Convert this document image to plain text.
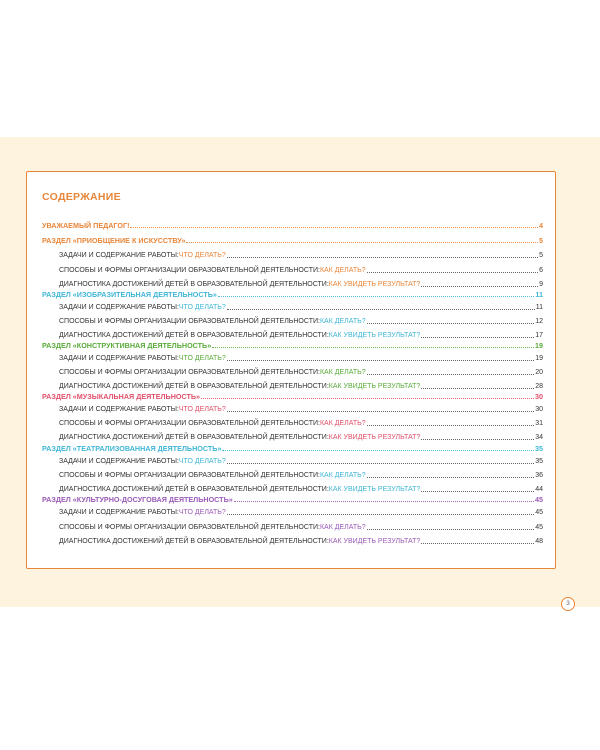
СОДЕРЖАНИЕ
УВАЖАЕМЫЙ ПЕДАГОГ!	4
РАЗДЕЛ «ПРИОБЩЕНИЕ К ИСКУССТВУ»	5
ЗАДАЧИ И СОДЕРЖАНИЕ РАБОТЫ: ЧТО ДЕЛАТЬ?	5
СПОСОБЫ И ФОРМЫ ОРГАНИЗАЦИИ ОБРАЗОВАТЕЛЬНОЙ ДЕЯТЕЛЬНОСТИ: КАК ДЕЛАТЬ?	6
ДИАГНОСТИКА ДОСТИЖЕНИЙ ДЕТЕЙ В ОБРАЗОВАТЕЛЬНОЙ ДЕЯТЕЛЬНОСТИ: КАК УВИДЕТЬ РЕЗУЛЬТАТ?	9
РАЗДЕЛ «ИЗОБРАЗИТЕЛЬНАЯ ДЕЯТЕЛЬНОСТЬ»	11
ЗАДАЧИ И СОДЕРЖАНИЕ РАБОТЫ: ЧТО ДЕЛАТЬ?	11
СПОСОБЫ И ФОРМЫ ОРГАНИЗАЦИИ ОБРАЗОВАТЕЛЬНОЙ ДЕЯТЕЛЬНОСТИ: КАК ДЕЛАТЬ?	12
ДИАГНОСТИКА ДОСТИЖЕНИЙ ДЕТЕЙ В ОБРАЗОВАТЕЛЬНОЙ ДЕЯТЕЛЬНОСТИ: КАК УВИДЕТЬ РЕЗУЛЬТАТ?	17
РАЗДЕЛ «КОНСТРУКТИВНАЯ ДЕЯТЕЛЬНОСТЬ»	19
ЗАДАЧИ И СОДЕРЖАНИЕ РАБОТЫ: ЧТО ДЕЛАТЬ?	19
СПОСОБЫ И ФОРМЫ ОРГАНИЗАЦИИ ОБРАЗОВАТЕЛЬНОЙ ДЕЯТЕЛЬНОСТИ: КАК ДЕЛАТЬ?	20
ДИАГНОСТИКА ДОСТИЖЕНИЙ ДЕТЕЙ В ОБРАЗОВАТЕЛЬНОЙ ДЕЯТЕЛЬНОСТИ: КАК УВИДЕТЬ РЕЗУЛЬТАТ?	28
РАЗДЕЛ «МУЗЫКАЛЬНАЯ ДЕЯТЕЛЬНОСТЬ»	30
ЗАДАЧИ И СОДЕРЖАНИЕ РАБОТЫ: ЧТО ДЕЛАТЬ?	30
СПОСОБЫ И ФОРМЫ ОРГАНИЗАЦИИ ОБРАЗОВАТЕЛЬНОЙ ДЕЯТЕЛЬНОСТИ: КАК ДЕЛАТЬ?	31
ДИАГНОСТИКА ДОСТИЖЕНИЙ ДЕТЕЙ В ОБРАЗОВАТЕЛЬНОЙ ДЕЯТЕЛЬНОСТИ: КАК УВИДЕТЬ РЕЗУЛЬТАТ?	34
РАЗДЕЛ «ТЕАТРАЛИЗОВАННАЯ ДЕЯТЕЛЬНОСТЬ»	35
ЗАДАЧИ И СОДЕРЖАНИЕ РАБОТЫ: ЧТО ДЕЛАТЬ?	35
СПОСОБЫ И ФОРМЫ ОРГАНИЗАЦИИ ОБРАЗОВАТЕЛЬНОЙ ДЕЯТЕЛЬНОСТИ: КАК ДЕЛАТЬ?	36
ДИАГНОСТИКА ДОСТИЖЕНИЙ ДЕТЕЙ В ОБРАЗОВАТЕЛЬНОЙ ДЕЯТЕЛЬНОСТИ: КАК УВИДЕТЬ РЕЗУЛЬТАТ?	44
РАЗДЕЛ «КУЛЬТУРНО-ДОСУГОВАЯ ДЕЯТЕЛЬНОСТЬ»	45
ЗАДАЧИ И СОДЕРЖАНИЕ РАБОТЫ: ЧТО ДЕЛАТЬ?	45
СПОСОБЫ И ФОРМЫ ОРГАНИЗАЦИИ ОБРАЗОВАТЕЛЬНОЙ ДЕЯТЕЛЬНОСТИ: КАК ДЕЛАТЬ?	45
ДИАГНОСТИКА ДОСТИЖЕНИЙ ДЕТЕЙ В ОБРАЗОВАТЕЛЬНОЙ ДЕЯТЕЛЬНОСТИ: КАК УВИДЕТЬ РЕЗУЛЬТАТ?	48
3
